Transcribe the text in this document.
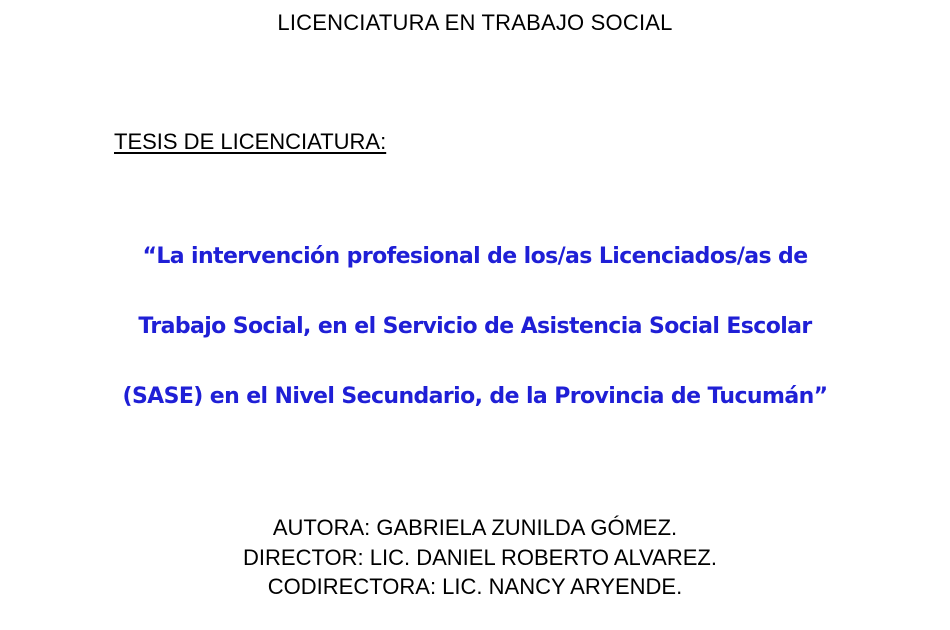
LICENCIATURA EN TRABAJO SOCIAL
TESIS DE LICENCIATURA:
“La intervención profesional de los/as Licenciados/as de
Trabajo Social, en el Servicio de Asistencia Social Escolar
(SASE) en el Nivel Secundario, de la Provincia de Tucumán”
AUTORA: GABRIELA ZUNILDA GÓMEZ.
DIRECTOR: LIC. DANIEL ROBERTO ALVAREZ.
CODIRECTORA: LIC. NANCY ARYENDE.
